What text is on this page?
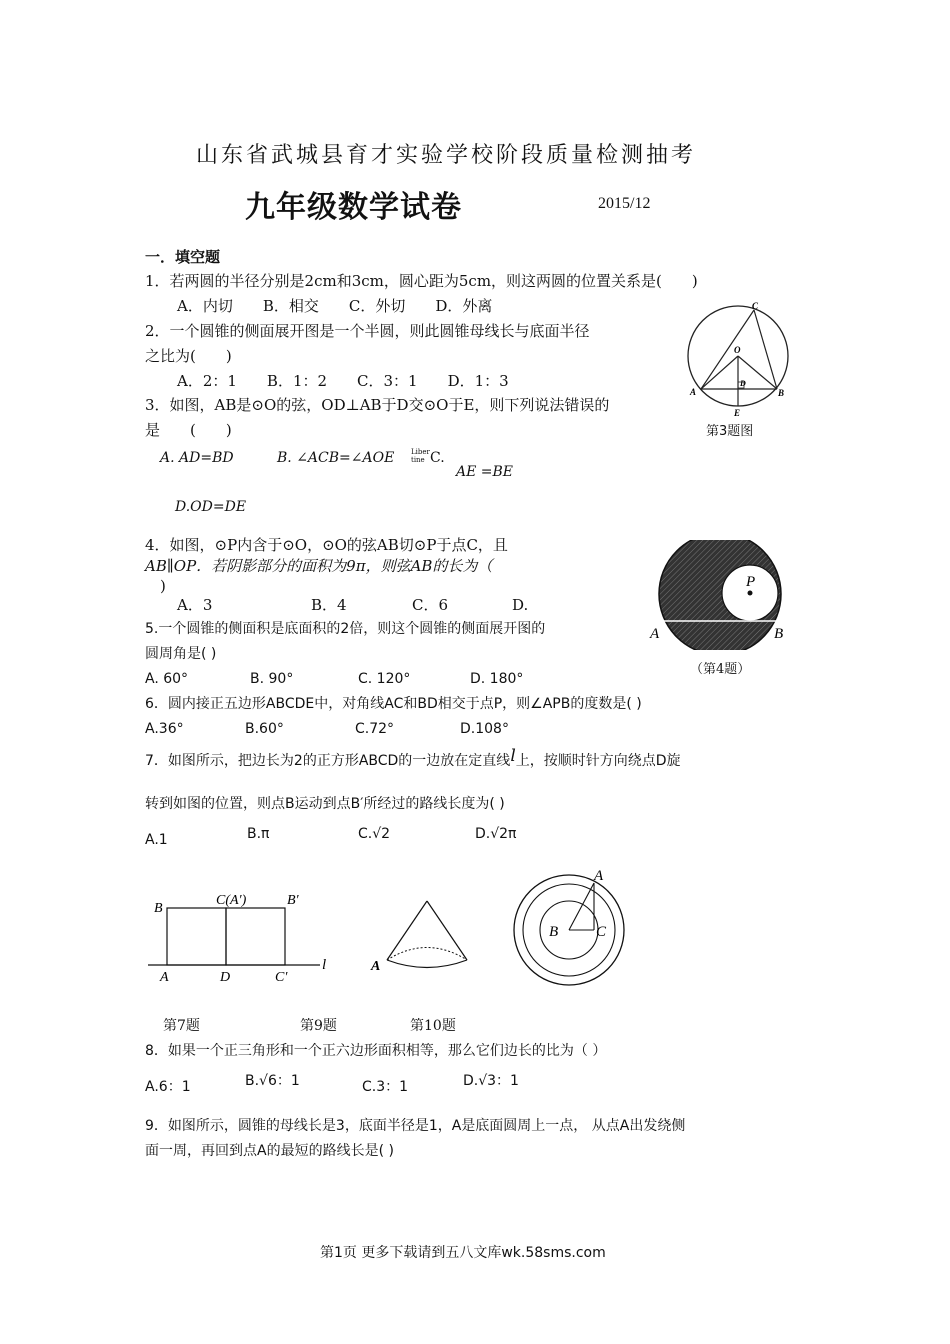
山东省武城县育才实验学校阶段质量检测抽考
九年级数学试卷	2015/12
一．填空题
1．若两圆的半径分别是2cm和3cm，圆心距为5cm，则这两圆的位置关系是(　　)
A．内切　　B．相交　　C．外切　　D．外离
2．一个圆锥的侧面展开图是一个半圆，则此圆锥母线长与底面半径
之比为(　　)
A．2：1　　B．1：2　　C．3：1　　D．1：3
3．如图，AB是⊙O的弦，OD⊥AB于D交⊙O于E，则下列说法错误的
是　　(　　)
A. AD=BD	B. ∠ACB=∠AOE Liber tine C.
AE =BE
D.OD=DE
C
O
D
A	B
E
第3题图
4．如图，⊙P内含于⊙O，⊙O的弦AB切⊙P于点C，且
AB∥OP．若阴影部分的面积为9π，则弦AB的长为（
)
A．3	B．4	C．6	D.
P
A	B
（第4题）
5.一个圆锥的侧面积是底面积的2倍，则这个圆锥的侧面展开图的
圆周角是( )
A. 60°	B. 90°	C. 120°	D. 180°
6．圆内接正五边形ABCDE中，对角线AC和BD相交于点P，则∠APB的度数是( )
A.36°	B.60°	C.72°	D.108°
7．如图所示，把边长为2的正方形ABCD的一边放在定直线l上，按顺时针方向绕点D旋
转到如图的位置，则点B运动到点B′所经过的路线长度为( )
A.1	B.π	C.√2	D.√2π
B
C(A′)	B′
A	D	C′
l	A
A
B	C
第7题	第9题	第10题
8．如果一个正三角形和一个正六边形面积相等，那么它们边长的比为（ ）
A.6：1	B.√6：1	C.3：1	D.√3：1
9．如图所示，圆锥的母线长是3，底面半径是1，A是底面圆周上一点， 从点A出发绕侧
面一周，再回到点A的最短的路线长是( )
第1页 更多下载请到五八文库wk.58sms.com
